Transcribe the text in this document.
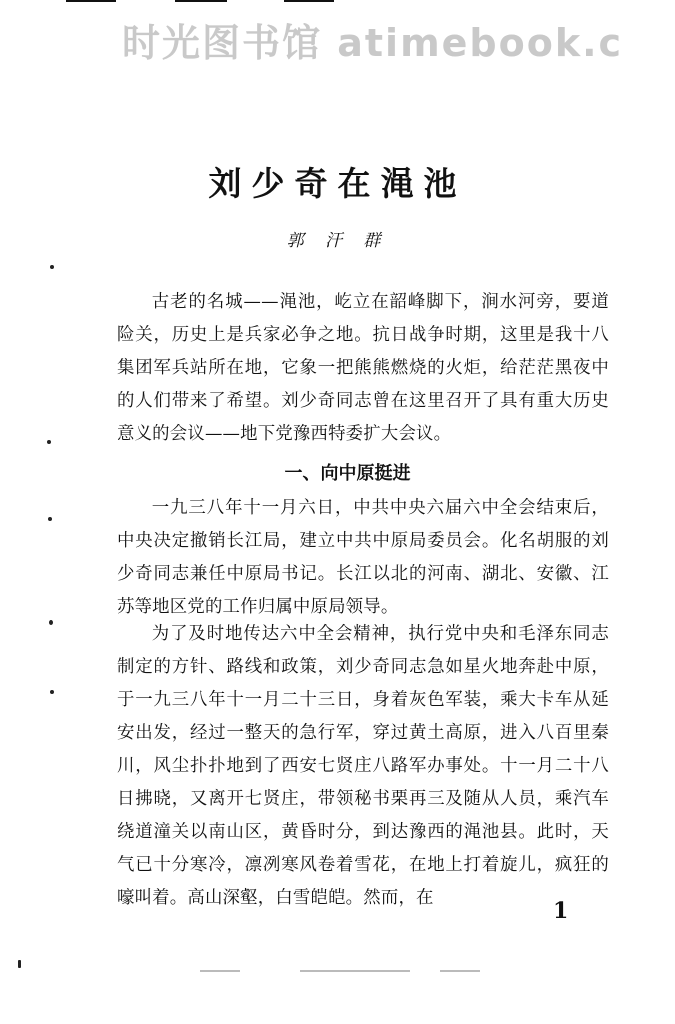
时光图书馆 atimebook.c
刘少奇在渑池
郭 汗 群

古老的名城——渑池，屹立在韶峰脚下，涧水河旁，要道险关，历史上是兵家必争之地。抗日战争时期，这里是我十八集团军兵站所在地，它象一把熊熊燃烧的火炬，给茫茫黑夜中的人们带来了希望。刘少奇同志曾在这里召开了具有重大历史意义的会议——地下党豫西特委扩大会议。

一、向中原挺进

一九三八年十一月六日，中共中央六届六中全会结束后，中央决定撤销长江局，建立中共中原局委员会。化名胡服的刘少奇同志兼任中原局书记。长江以北的河南、湖北、安徽、江苏等地区党的工作归属中原局领导。

为了及时地传达六中全会精神，执行党中央和毛泽东同志制定的方针、路线和政策，刘少奇同志急如星火地奔赴中原，于一九三八年十一月二十三日，身着灰色军装，乘大卡车从延安出发，经过一整天的急行军，穿过黄土高原，进入八百里秦川，风尘扑扑地到了西安七贤庄八路军办事处。十一月二十八日拂晓，又离开七贤庄，带领秘书栗再三及随从人员，乘汽车绕道潼关以南山区，黄昏时分，到达豫西的渑池县。此时，天气已十分寒冷，凛冽寒风卷着雪花，在地上打着旋儿，疯狂的嚎叫着。高山深壑，白雪皑皑。然而，在	1
